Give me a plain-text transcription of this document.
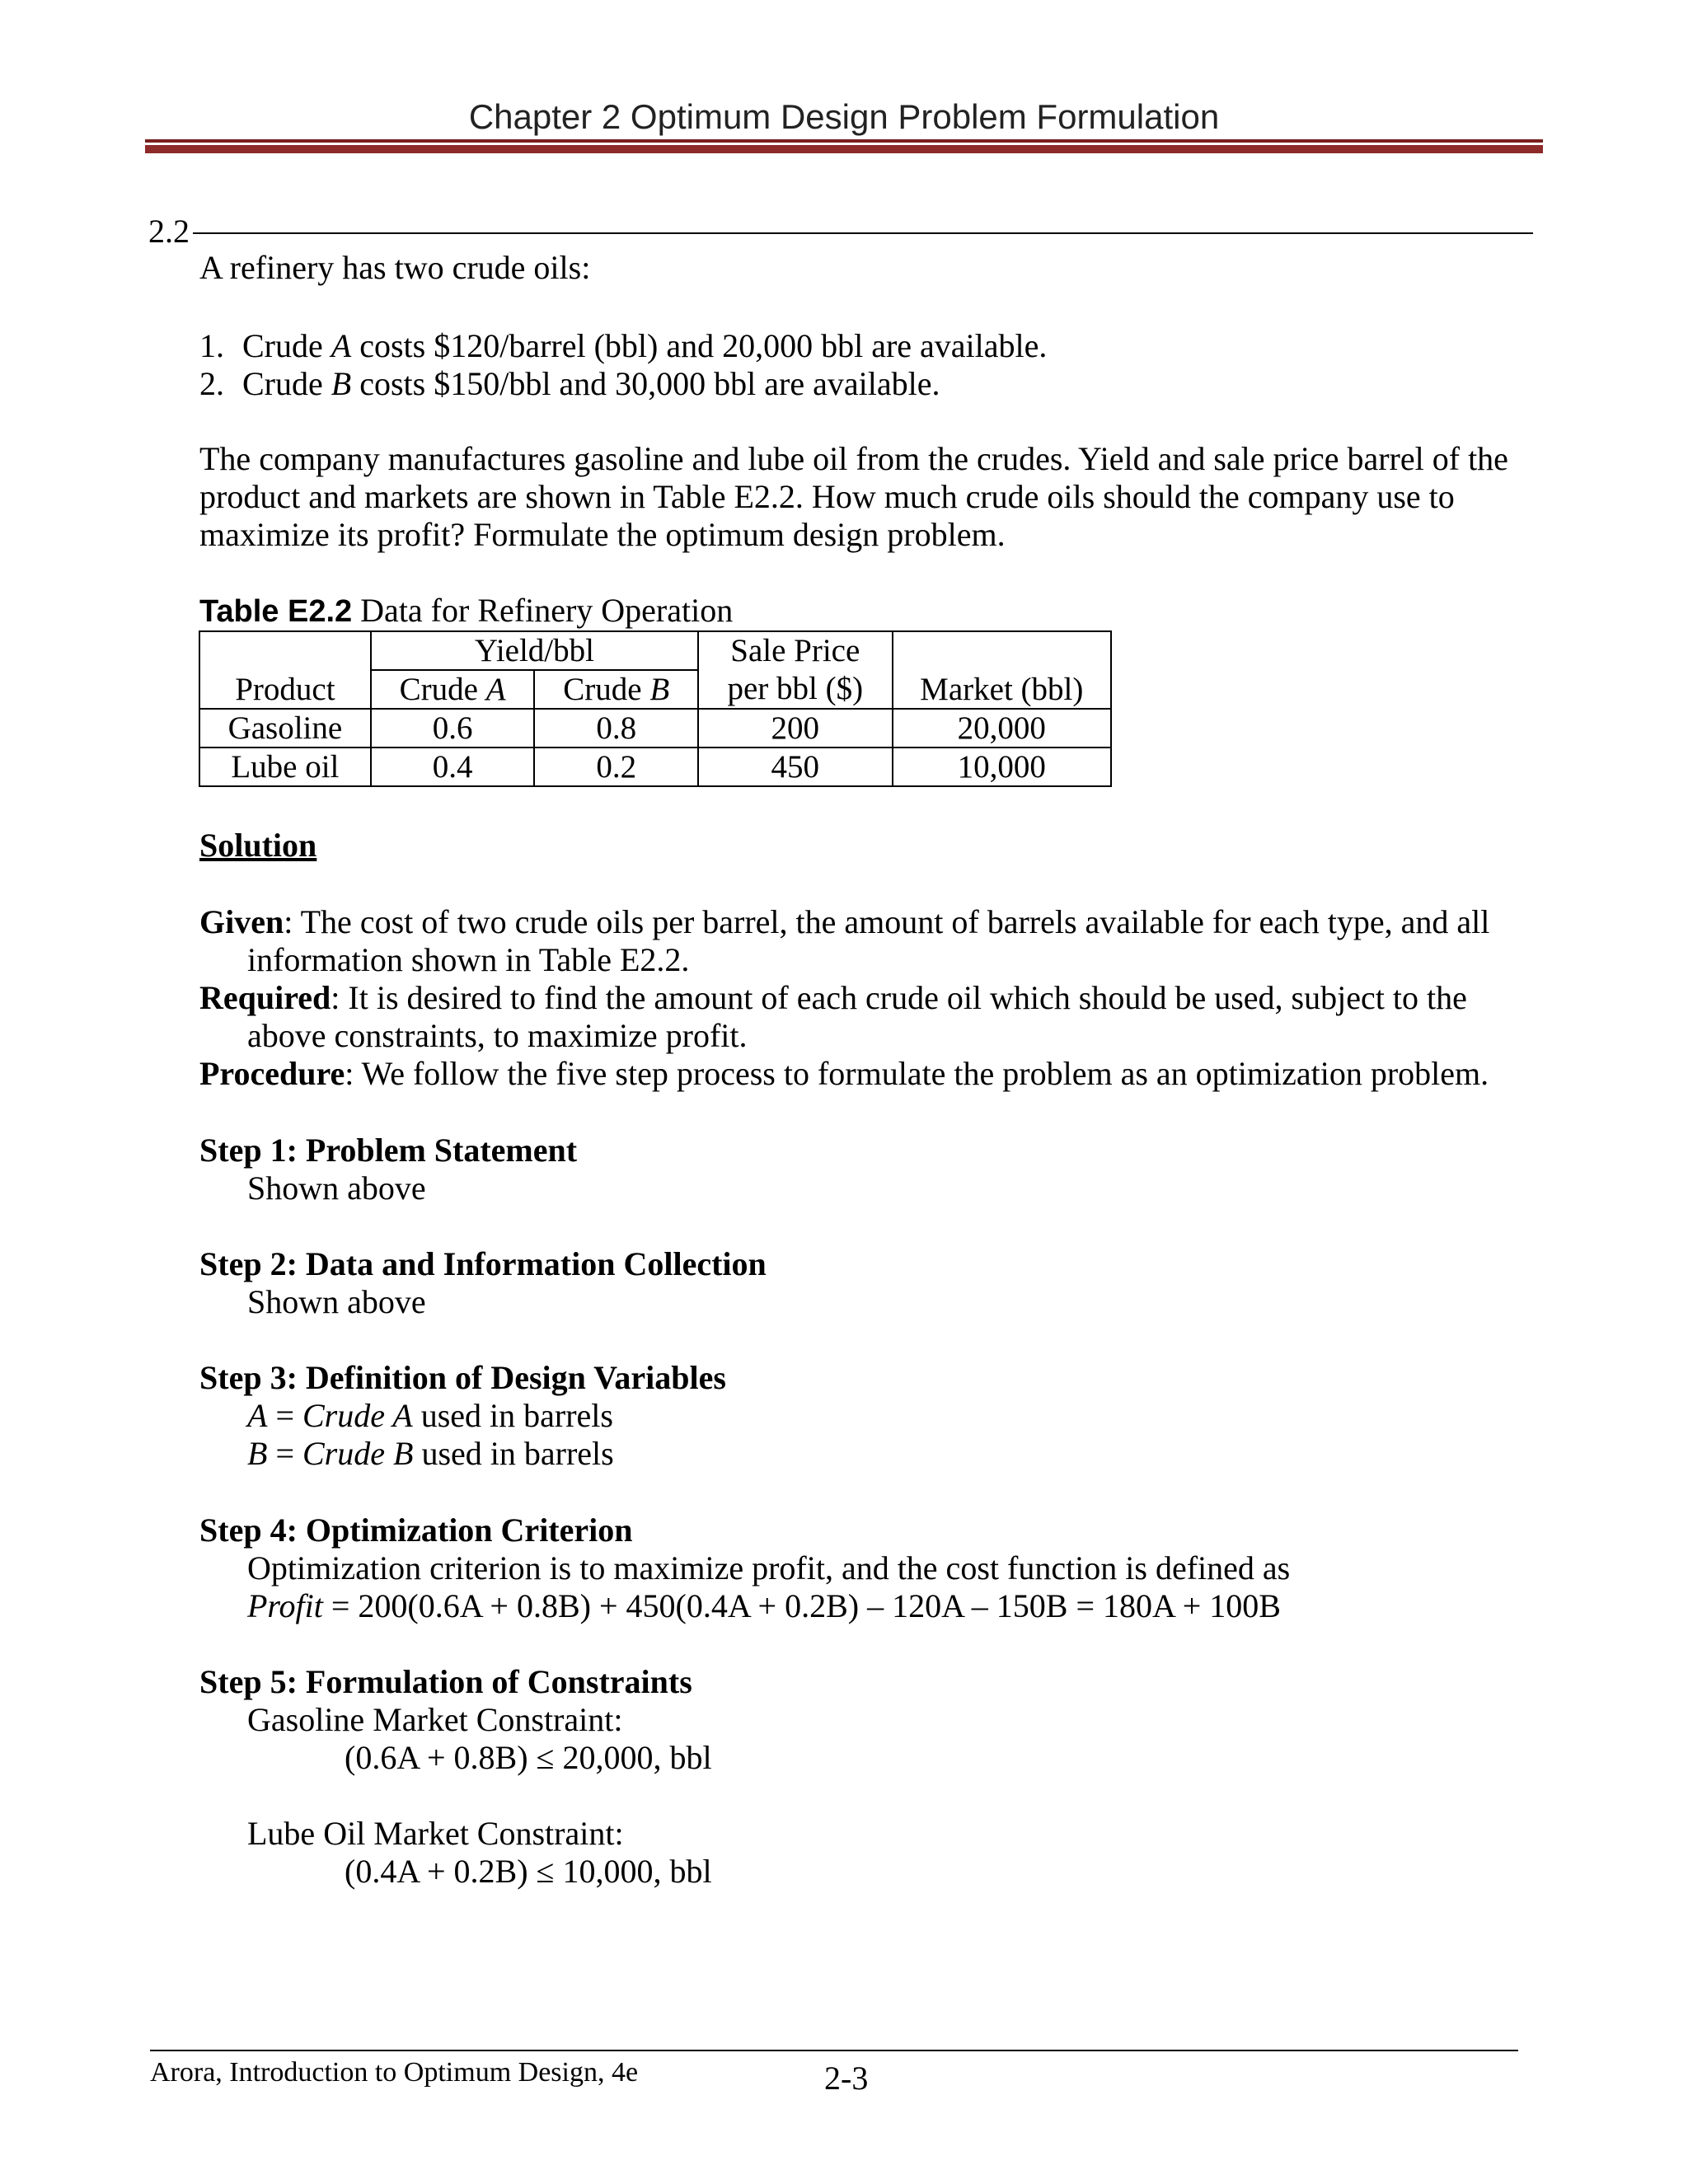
Chapter 2 Optimum Design Problem Formulation
2.2
A refinery has two crude oils:
1. Crude A costs $120/barrel (bbl) and 20,000 bbl are available.
2. Crude B costs $150/bbl and 30,000 bbl are available.
The company manufactures gasoline and lube oil from the crudes. Yield and sale price barrel of the
product and markets are shown in Table E2.2. How much crude oils should the company use to
maximize its profit? Formulate the optimum design problem.
Table E2.2 Data for Refinery Operation
Product	Yield/bbl		Sale Price	Market (bbl)
	Crude A	Crude B	per bbl ($)	
Gasoline	0.6	0.8	200	20,000
Lube oil	0.4	0.2	450	10,000
Solution
Given: The cost of two crude oils per barrel, the amount of barrels available for each type, and all
information shown in Table E2.2.
Required: It is desired to find the amount of each crude oil which should be used, subject to the
above constraints, to maximize profit.
Procedure: We follow the five step process to formulate the problem as an optimization problem.
Step 1: Problem Statement
Shown above
Step 2: Data and Information Collection
Shown above
Step 3: Definition of Design Variables
A = Crude A used in barrels
B = Crude B used in barrels
Step 4: Optimization Criterion
Optimization criterion is to maximize profit, and the cost function is defined as
Profit = 200(0.6A + 0.8B) + 450(0.4A + 0.2B) – 120A – 150B = 180A + 100B
Step 5: Formulation of Constraints
Gasoline Market Constraint:
(0.6A + 0.8B) ≤ 20,000, bbl
Lube Oil Market Constraint:
(0.4A + 0.2B) ≤ 10,000, bbl
Arora, Introduction to Optimum Design, 4e	2-3
